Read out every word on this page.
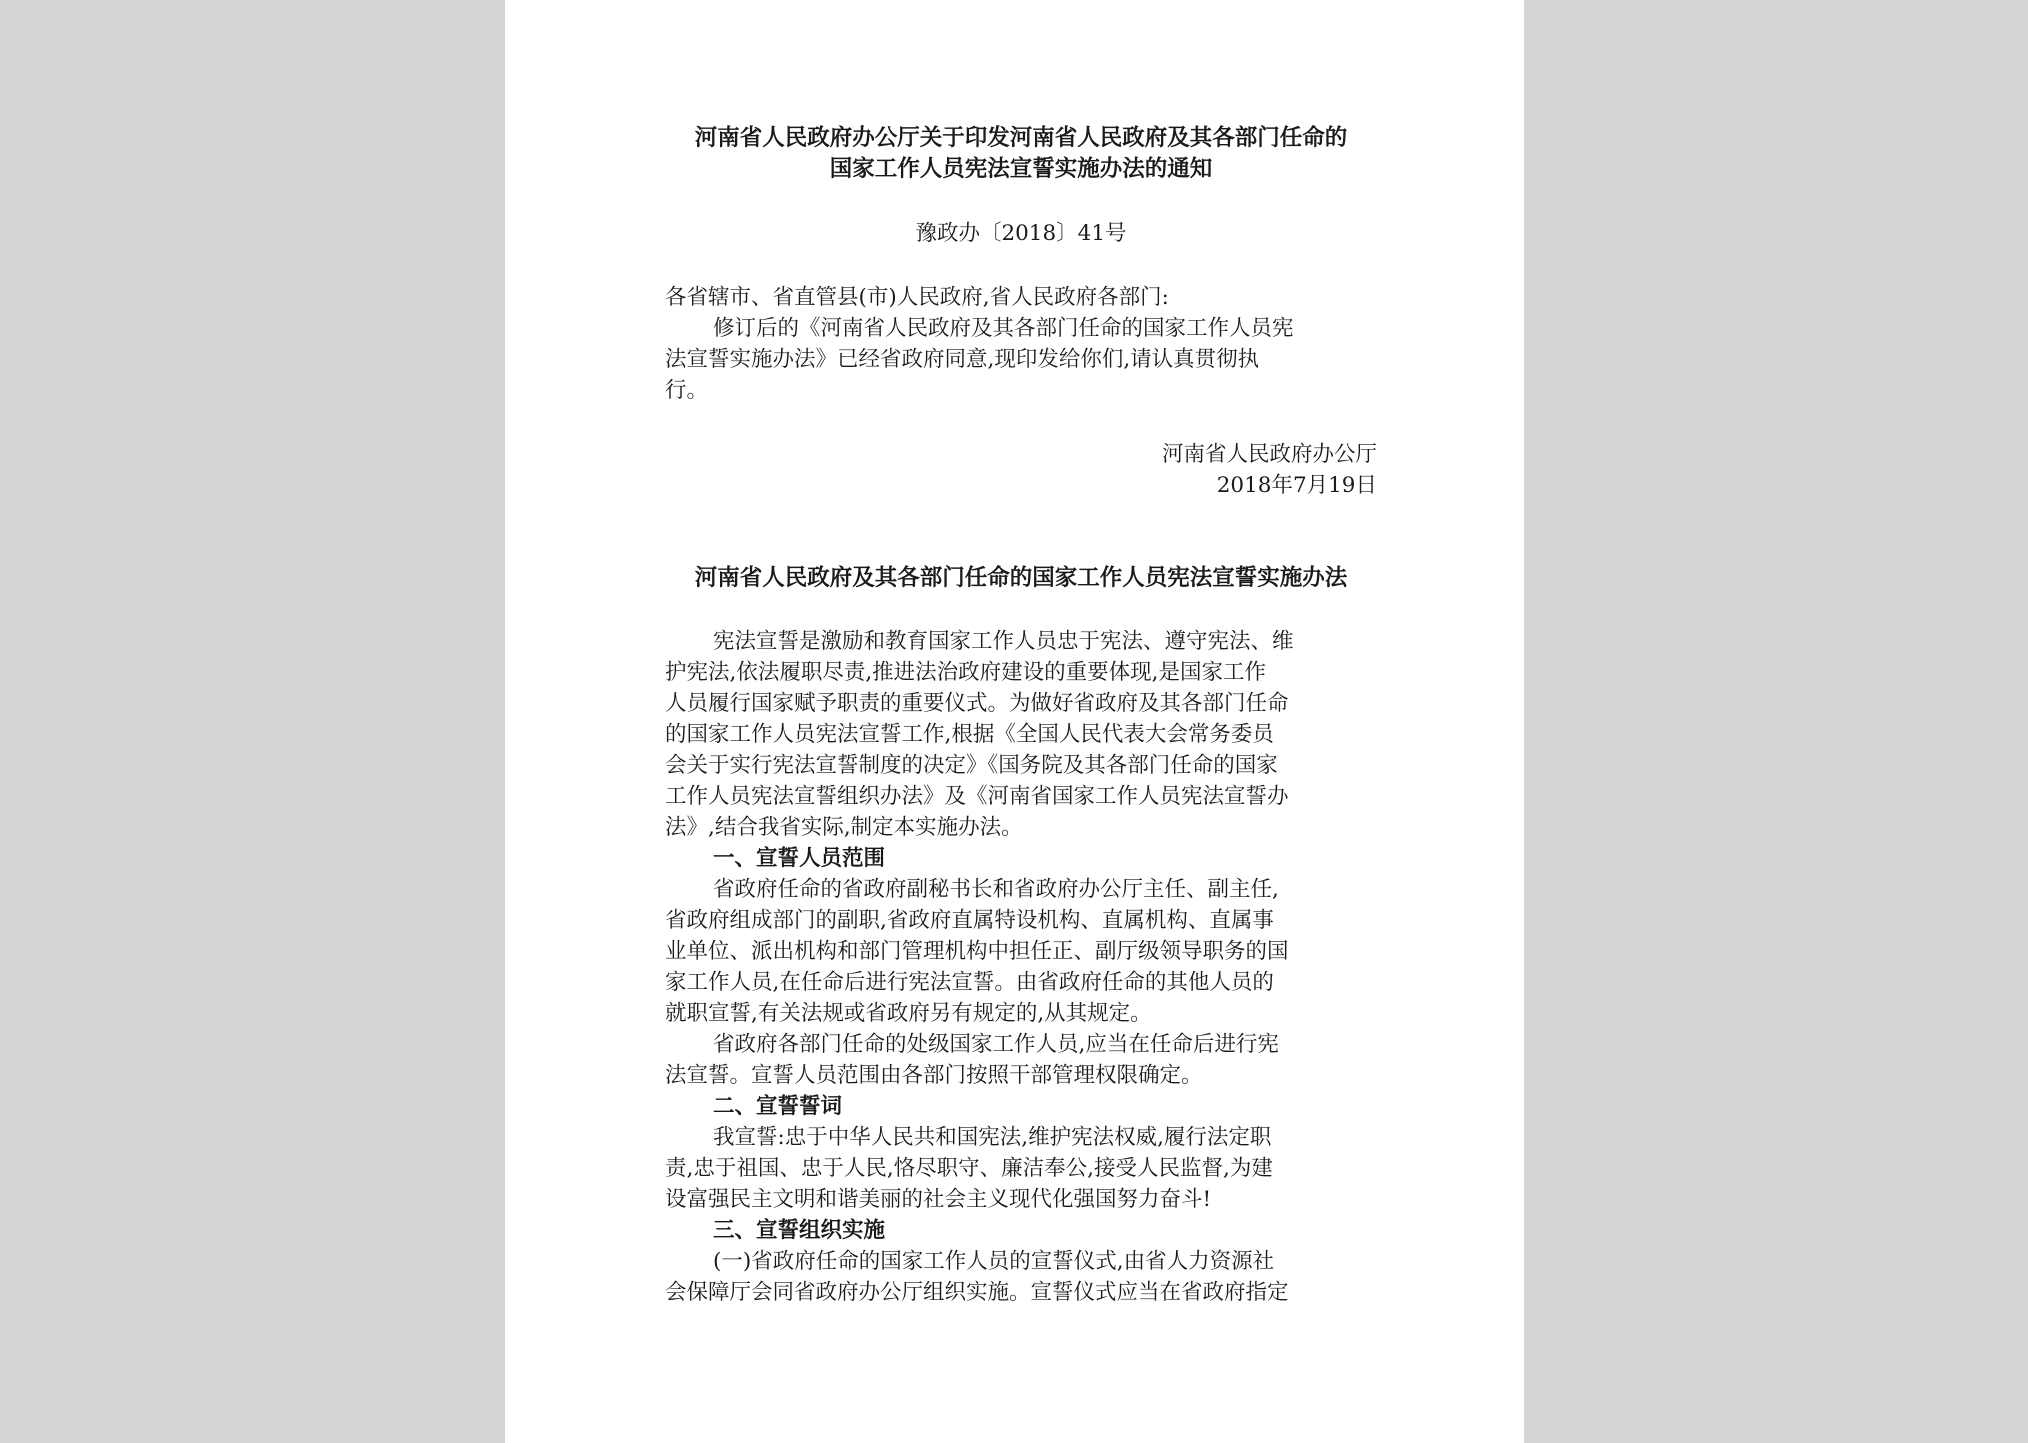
河南省人民政府办公厅关于印发河南省人民政府及其各部门任命的
国家工作人员宪法宣誓实施办法的通知
豫政办〔2018〕41号
各省辖市、省直管县(市)人民政府,省人民政府各部门:
修订后的《河南省人民政府及其各部门任命的国家工作人员宪
法宣誓实施办法》已经省政府同意,现印发给你们,请认真贯彻执
行。
河南省人民政府办公厅
2018年7月19日
河南省人民政府及其各部门任命的国家工作人员宪法宣誓实施办法
宪法宣誓是激励和教育国家工作人员忠于宪法、遵守宪法、维
护宪法,依法履职尽责,推进法治政府建设的重要体现,是国家工作
人员履行国家赋予职责的重要仪式。为做好省政府及其各部门任命
的国家工作人员宪法宣誓工作,根据《全国人民代表大会常务委员
会关于实行宪法宣誓制度的决定》《国务院及其各部门任命的国家
工作人员宪法宣誓组织办法》及《河南省国家工作人员宪法宣誓办
法》,结合我省实际,制定本实施办法。
一、宣誓人员范围
省政府任命的省政府副秘书长和省政府办公厅主任、副主任,
省政府组成部门的副职,省政府直属特设机构、直属机构、直属事
业单位、派出机构和部门管理机构中担任正、副厅级领导职务的国
家工作人员,在任命后进行宪法宣誓。由省政府任命的其他人员的
就职宣誓,有关法规或省政府另有规定的,从其规定。
省政府各部门任命的处级国家工作人员,应当在任命后进行宪
法宣誓。宣誓人员范围由各部门按照干部管理权限确定。
二、宣誓誓词
我宣誓:忠于中华人民共和国宪法,维护宪法权威,履行法定职
责,忠于祖国、忠于人民,恪尽职守、廉洁奉公,接受人民监督,为建
设富强民主文明和谐美丽的社会主义现代化强国努力奋斗!
三、宣誓组织实施
(一)省政府任命的国家工作人员的宣誓仪式,由省人力资源社
会保障厅会同省政府办公厅组织实施。宣誓仪式应当在省政府指定
